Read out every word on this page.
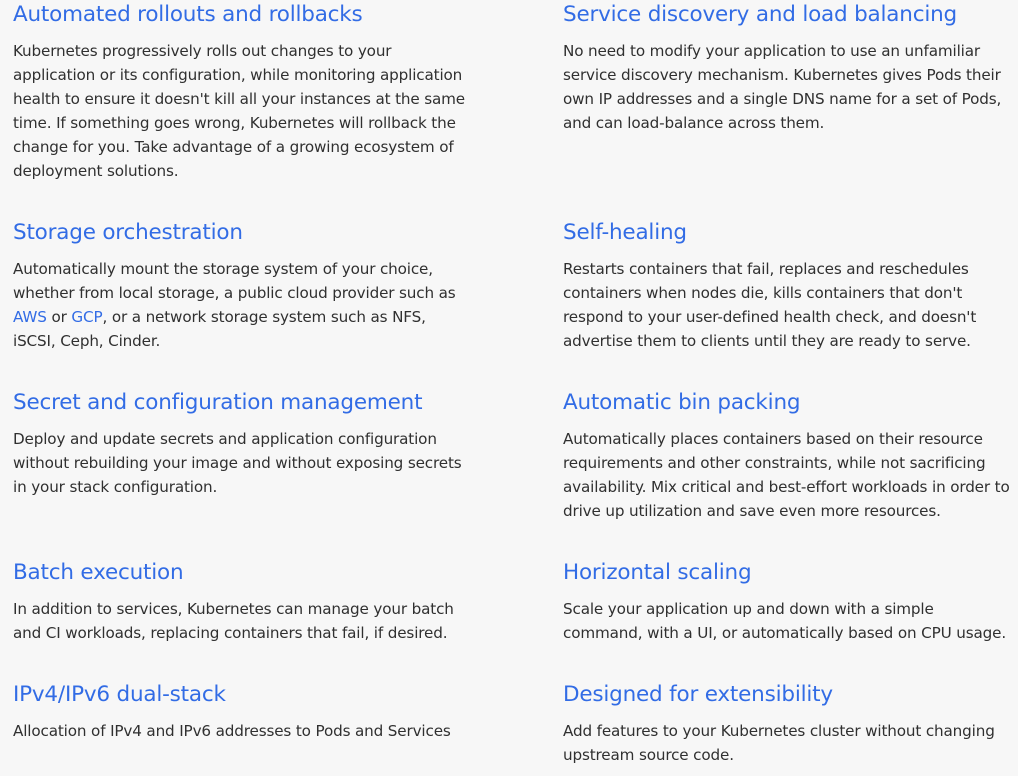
Automated rollouts and rollbacks

Kubernetes progressively rolls out changes to your
application or its configuration, while monitoring application
health to ensure it doesn't kill all your instances at the same
time. If something goes wrong, Kubernetes will rollback the
change for you. Take advantage of a growing ecosystem of
deployment solutions.

Storage orchestration

Automatically mount the storage system of your choice,
whether from local storage, a public cloud provider such as
AWS or GCP, or a network storage system such as NFS,
iSCSI, Ceph, Cinder.

Secret and configuration management

Deploy and update secrets and application configuration
without rebuilding your image and without exposing secrets
in your stack configuration.

Batch execution

In addition to services, Kubernetes can manage your batch
and CI workloads, replacing containers that fail, if desired.

IPv4/IPv6 dual-stack

Allocation of IPv4 and IPv6 addresses to Pods and Services

Service discovery and load balancing

No need to modify your application to use an unfamiliar
service discovery mechanism. Kubernetes gives Pods their
own IP addresses and a single DNS name for a set of Pods,
and can load-balance across them.

Self-healing

Restarts containers that fail, replaces and reschedules
containers when nodes die, kills containers that don't
respond to your user-defined health check, and doesn't
advertise them to clients until they are ready to serve.

Automatic bin packing

Automatically places containers based on their resource
requirements and other constraints, while not sacrificing
availability. Mix critical and best-effort workloads in order to
drive up utilization and save even more resources.

Horizontal scaling

Scale your application up and down with a simple
command, with a UI, or automatically based on CPU usage.

Designed for extensibility

Add features to your Kubernetes cluster without changing
upstream source code.
